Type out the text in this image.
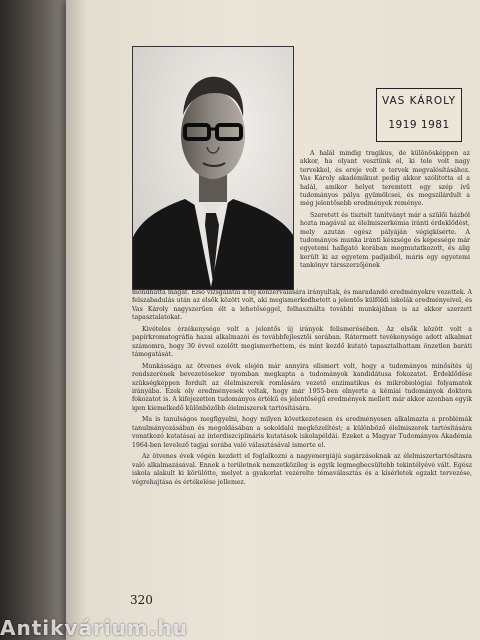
VAS KÁROLY
1919 1981

A halál mindig tragikus, de különösképpen az akkor, ha olyant vesztünk el, ki tele volt nagy tervekkel, és ereje volt e tervek megvalósításához. Vas Károly akadémikust pedig akkor szólította el a halál, amikor helyet teremtett egy szép ívű tudományos pálya gyümölcsei, és megszilárdult a még jelentősebb eredmények reménye.

Szeretett és tisztelt tanítványt már a szülői házból hozta magával az élelmiszerkémia iránti érdeklődést, mely azután egész pályáján végigkísérte. A tudományos munka iránti készsége és képessége már egyetemi hallgató korában megmutatkozott, és alig került ki az egyetem padjaiból, máris egy egyetemi tankönyv társszerzőjének

mondhatta magát. Első vizsgálatai a tej konzerválására irányultak, és maradandó eredményekre vezettek. A felszabadulás után az elsők között volt, aki megismerkedhetett a jelentős külföldi iskolák eredményeivel, és Vas Károly nagyszerűen élt a lehetőséggel, felhasználta további munkájában is az akkor szerzett tapasztalatokat.

Kivételes érzékenysége volt a jelentős új irányok felismerésében. Az elsők között volt a papírkromatográfia hazai alkalmazói és továbbfejlesztői sorában. Rátermett tevékenysége adott alkalmat számomra, hogy 30 évvel ezelőtt megismerhettem, és mint kezdő kutató tapasztalhattam önzetlen baráti támogatását.

Munkássága az ötvenes évek elején már annyira elismert volt, hogy a tudományos minősítés új rendszerének bevezetésekor nyomban megkapta a tudományok kandidátusa fokozatot. Érdeklődése szükségképpen fordult az élelmiszerek romlására vezető enzimatikus és mikrobiológiai folyamatok irányába. Ezek oly eredményesek voltak, hogy már 1955-ben elnyerte a kémiai tudományok doktora fokozatot is. A kifejezetten tudományos értékű és jelentőségű eredmények mellett már akkor azonban egyik igen kiemelkedő különbözőbb élelmiszerek tartósítására.

Ma is tanulságos megfigyelni, hogy milyen következetesen és eredményesen alkalmazta a problémák tanulmányozásában és megoldásában a sokoldalú megközelítést; a különböző élelmiszerek tartósítására vonatkozó kutatásai az interdiszciplináris kutatások iskolapéldái. Ezeket a Magyar Tudományos Akadémia 1964-ben levelező tagjai sorába való választásával ismerte el.

Az ötvenes évek végén kezdett el foglalkozni a nagyenergiájú sugárzásoknak az élelmiszertartósításra való alkalmazásával. Ennek a területnek nemzetközileg is egyik legmegbecsültebb tekintélyévé vált. Egész iskola alakult ki körülötte, melyet a gyakorlat vezérelte témaválasztás és a kísérletek egzakt tervezése, végrehajtása és értékelése jellemez.

320
Antikvárium.hu
